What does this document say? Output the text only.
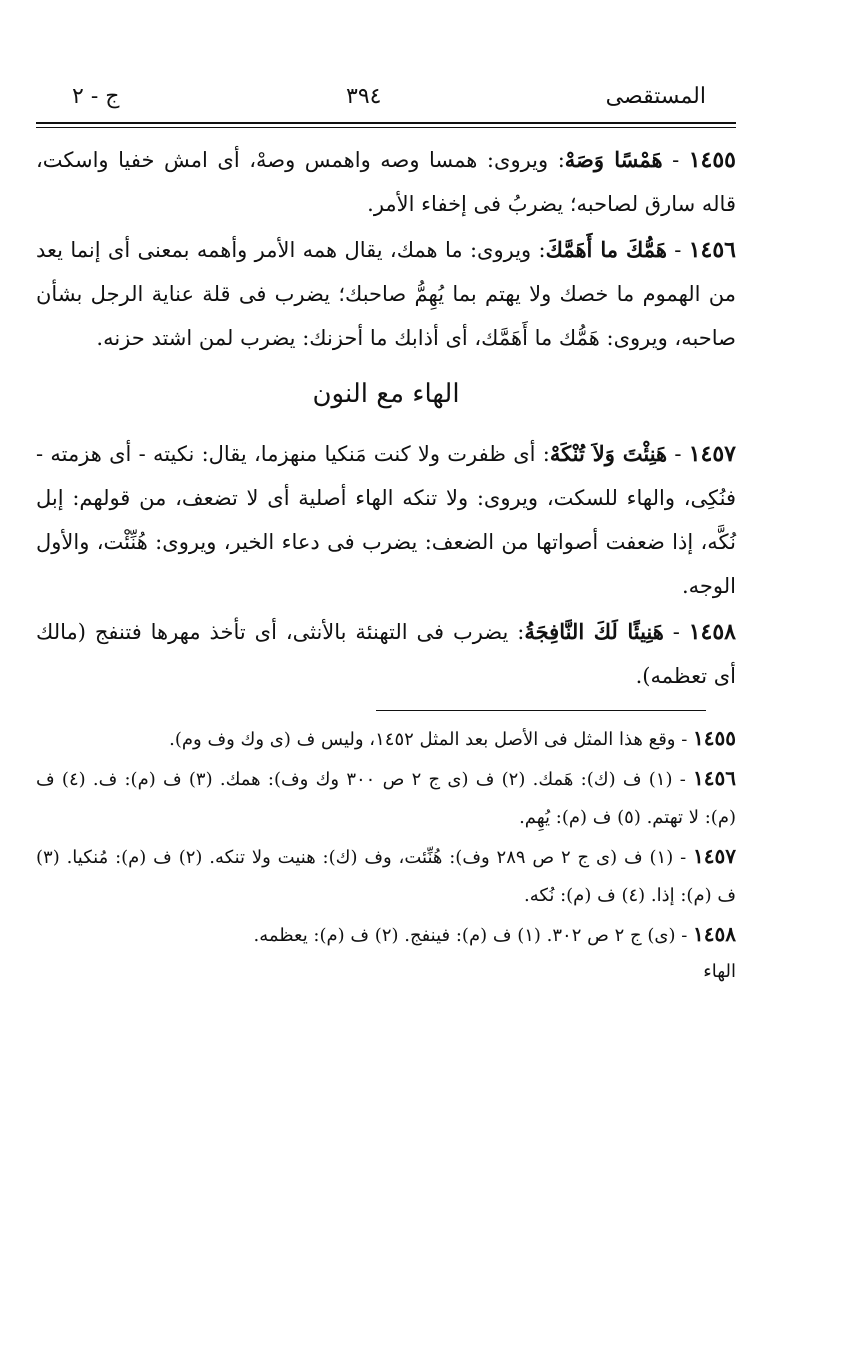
المستقصى
٣٩٤
ج - ٢

١٤٥٥ - هَمْسًا وَصَهْ: ويروى: همسا وصه واهمس وصهْ، أى امش خفيا واسكت، قاله سارق لصاحبه؛ يضربُ فى إخفاء الأمر.

١٤٥٦ - هَمُّكَ ما أَهَمَّكَ: ويروى: ما همك، يقال همه الأمر وأهمه بمعنى أى إنما يعد من الهموم ما خصك ولا يهتم بما يُهِمُّ صاحبك؛ يضرب فى قلة عناية الرجل بشأن صاحبه، ويروى: هَمُّك ما أَهَمَّك، أى أذابك ما أحزنك: يضرب لمن اشتد حزنه.

الهاء مع النون

١٤٥٧ - هَنِئْتَ وَلاَ تُنْكَهْ: أى ظفرت ولا كنت مَنكيا منهزما، يقال: نكيته - أى هزمته - فنُكِى، والهاء للسكت، ويروى: ولا تنكه الهاء أصلية أى لا تضعف، من قولهم: إبل نُكَّه، إذا ضعفت أصواتها من الضعف: يضرب فى دعاء الخير، ويروى: هُنِّئْت، والأول الوجه.

١٤٥٨ - هَنِيئًا لَكَ النَّافِجَةُ: يضرب فى التهنئة بالأنثى، أى تأخذ مهرها فتنفج (مالك أى تعظمه).

١٤٥٥ - وقع هذا المثل فى الأصل بعد المثل ١٤٥٢، وليس ف (ى وك وف وم).

١٤٥٦ - (١) ف (ك): هَمك. (٢) ف (ى ج ٢ ص ٣٠٠ وك وف): همك. (٣) ف (م): ف. (٤) ف (م): لا تهتم. (٥) ف (م): يُهِم.

١٤٥٧ - (١) ف (ى ج ٢ ص ٢٨٩ وف): هُنِّئت، وف (ك): هنيت ولا تنكه. (٢) ف (م): مُنكيا. (٣) ف (م): إذا. (٤) ف (م): نُكه.

١٤٥٨ - (ى) ج ٢ ص ٣٠٢. (١) ف (م): فينفج. (٢) ف (م): يعظمه.

الهاء
